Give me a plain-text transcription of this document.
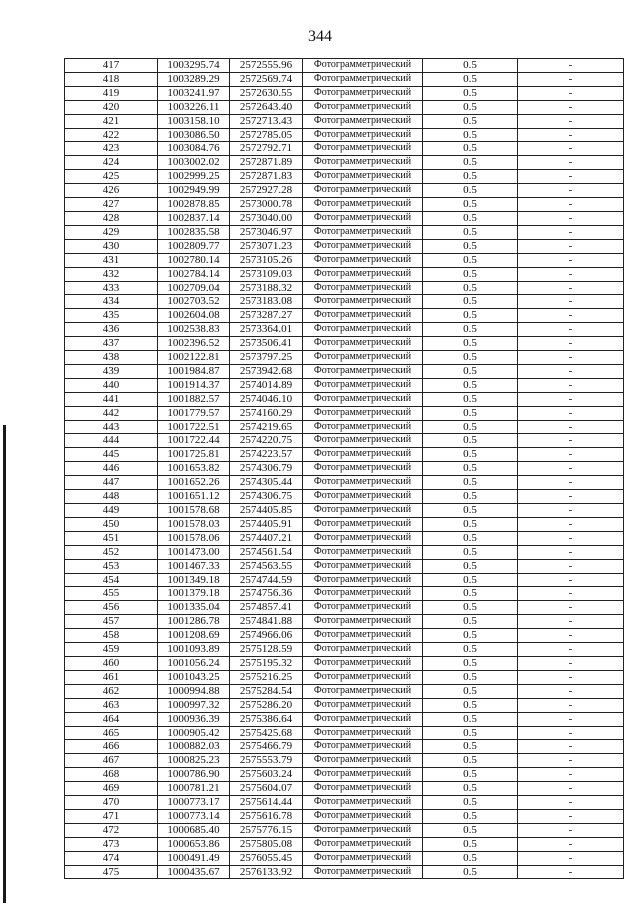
344
417	1003295.74	2572555.96	Фотограмметрический	0.5	-
418	1003289.29	2572569.74	Фотограмметрический	0.5	-
419	1003241.97	2572630.55	Фотограмметрический	0.5	-
420	1003226.11	2572643.40	Фотограмметрический	0.5	-
421	1003158.10	2572713.43	Фотограмметрический	0.5	-
422	1003086.50	2572785.05	Фотограмметрический	0.5	-
423	1003084.76	2572792.71	Фотограмметрический	0.5	-
424	1003002.02	2572871.89	Фотограмметрический	0.5	-
425	1002999.25	2572871.83	Фотограмметрический	0.5	-
426	1002949.99	2572927.28	Фотограмметрический	0.5	-
427	1002878.85	2573000.78	Фотограмметрический	0.5	-
428	1002837.14	2573040.00	Фотограмметрический	0.5	-
429	1002835.58	2573046.97	Фотограмметрический	0.5	-
430	1002809.77	2573071.23	Фотограмметрический	0.5	-
431	1002780.14	2573105.26	Фотограмметрический	0.5	-
432	1002784.14	2573109.03	Фотограмметрический	0.5	-
433	1002709.04	2573188.32	Фотограмметрический	0.5	-
434	1002703.52	2573183.08	Фотограмметрический	0.5	-
435	1002604.08	2573287.27	Фотограмметрический	0.5	-
436	1002538.83	2573364.01	Фотограмметрический	0.5	-
437	1002396.52	2573506.41	Фотограмметрический	0.5	-
438	1002122.81	2573797.25	Фотограмметрический	0.5	-
439	1001984.87	2573942.68	Фотограмметрический	0.5	-
440	1001914.37	2574014.89	Фотограмметрический	0.5	-
441	1001882.57	2574046.10	Фотограмметрический	0.5	-
442	1001779.57	2574160.29	Фотограмметрический	0.5	-
443	1001722.51	2574219.65	Фотограмметрический	0.5	-
444	1001722.44	2574220.75	Фотограмметрический	0.5	-
445	1001725.81	2574223.57	Фотограмметрический	0.5	-
446	1001653.82	2574306.79	Фотограмметрический	0.5	-
447	1001652.26	2574305.44	Фотограмметрический	0.5	-
448	1001651.12	2574306.75	Фотограмметрический	0.5	-
449	1001578.68	2574405.85	Фотограмметрический	0.5	-
450	1001578.03	2574405.91	Фотограмметрический	0.5	-
451	1001578.06	2574407.21	Фотограмметрический	0.5	-
452	1001473.00	2574561.54	Фотограмметрический	0.5	-
453	1001467.33	2574563.55	Фотограмметрический	0.5	-
454	1001349.18	2574744.59	Фотограмметрический	0.5	-
455	1001379.18	2574756.36	Фотограмметрический	0.5	-
456	1001335.04	2574857.41	Фотограмметрический	0.5	-
457	1001286.78	2574841.88	Фотограмметрический	0.5	-
458	1001208.69	2574966.06	Фотограмметрический	0.5	-
459	1001093.89	2575128.59	Фотограмметрический	0.5	-
460	1001056.24	2575195.32	Фотограмметрический	0.5	-
461	1001043.25	2575216.25	Фотограмметрический	0.5	-
462	1000994.88	2575284.54	Фотограмметрический	0.5	-
463	1000997.32	2575286.20	Фотограмметрический	0.5	-
464	1000936.39	2575386.64	Фотограмметрический	0.5	-
465	1000905.42	2575425.68	Фотограмметрический	0.5	-
466	1000882.03	2575466.79	Фотограмметрический	0.5	-
467	1000825.23	2575553.79	Фотограмметрический	0.5	-
468	1000786.90	2575603.24	Фотограмметрический	0.5	-
469	1000781.21	2575604.07	Фотограмметрический	0.5	-
470	1000773.17	2575614.44	Фотограмметрический	0.5	-
471	1000773.14	2575616.78	Фотограмметрический	0.5	-
472	1000685.40	2575776.15	Фотограмметрический	0.5	-
473	1000653.86	2575805.08	Фотограмметрический	0.5	-
474	1000491.49	2576055.45	Фотограмметрический	0.5	-
475	1000435.67	2576133.92	Фотограмметрический	0.5	-
